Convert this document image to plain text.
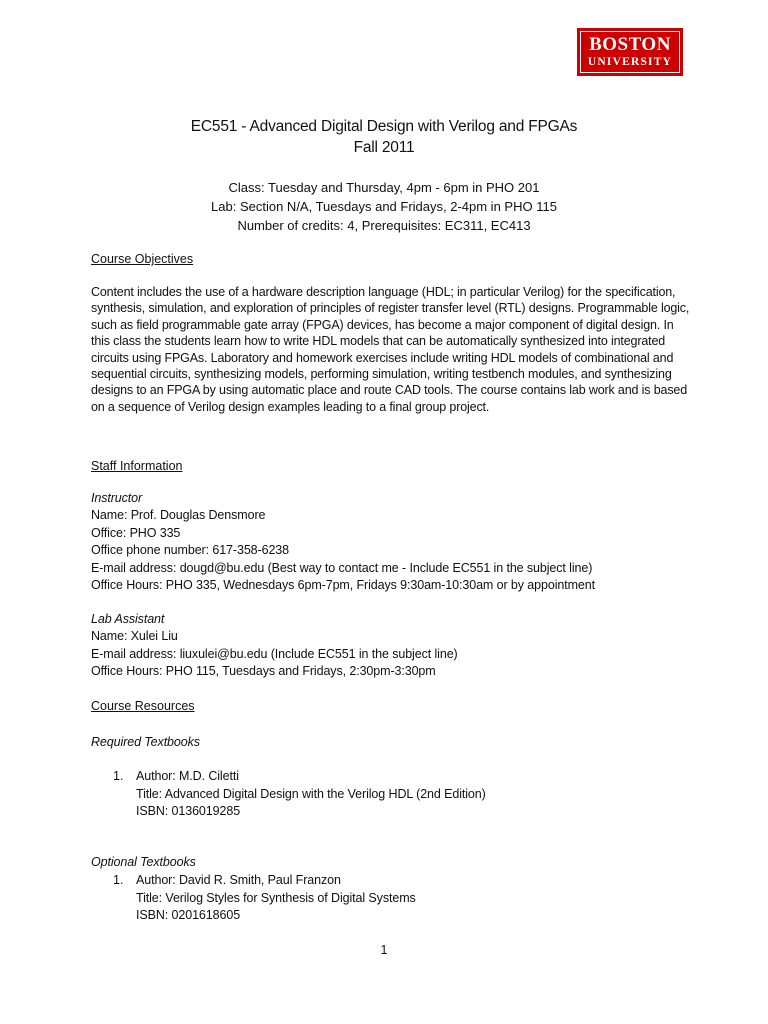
BOSTON
UNIVERSITY
EC551 - Advanced Digital Design with Verilog and FPGAs
Fall 2011
Class: Tuesday and Thursday, 4pm - 6pm in PHO 201
Lab: Section N/A, Tuesdays and Fridays, 2-4pm in PHO 115
Number of credits: 4, Prerequisites: EC311, EC413
Course Objectives
Content includes the use of a hardware description language (HDL; in particular Verilog) for the specification, synthesis, simulation, and exploration of principles of register transfer level (RTL) designs. Programmable logic, such as field programmable gate array (FPGA) devices, has become a major component of digital design. In this class the students learn how to write HDL models that can be automatically synthesized into integrated circuits using FPGAs. Laboratory and homework exercises include writing HDL models of combinational and sequential circuits, synthesizing models, performing simulation, writing testbench modules, and synthesizing designs to an FPGA by using automatic place and route CAD tools. The course contains lab work and is based on a sequence of Verilog design examples leading to a final group project.
Staff Information
Instructor
Name: Prof. Douglas Densmore
Office: PHO 335
Office phone number: 617-358-6238
E-mail address: dougd@bu.edu (Best way to contact me - Include EC551 in the subject line)
Office Hours: PHO 335, Wednesdays 6pm-7pm, Fridays 9:30am-10:30am or by appointment
Lab Assistant
Name: Xulei Liu
E-mail address: liuxulei@bu.edu (Include EC551 in the subject line)
Office Hours: PHO 115, Tuesdays and Fridays, 2:30pm-3:30pm
Course Resources
Required Textbooks
1. Author: M.D. Ciletti
Title: Advanced Digital Design with the Verilog HDL (2nd Edition)
ISBN: 0136019285
Optional Textbooks
1. Author: David R. Smith, Paul Franzon
Title: Verilog Styles for Synthesis of Digital Systems
ISBN: 0201618605
1
